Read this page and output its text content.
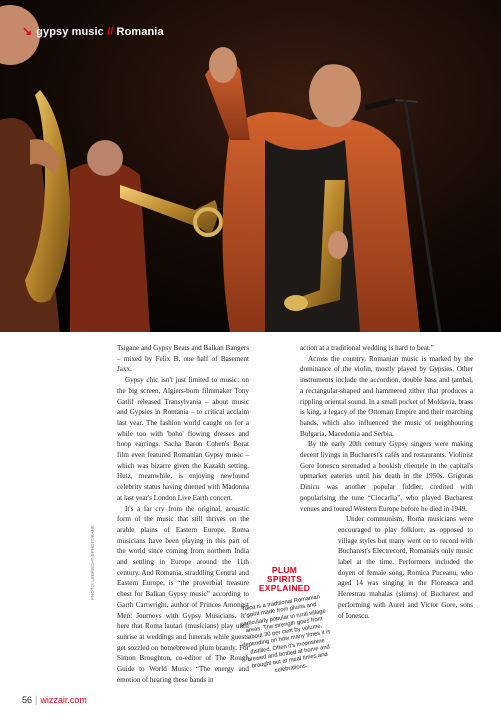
↘ gypsy music // Romania
PHOTO: LEBRECHT/EPHOTOBANK

Tsigane and Gypsy Beats and Balkan Bangers – mixed by Felix B, one half of Basement Jaxx.

Gypsy chic isn't just limited to music: on the big screen, Algiers-born filmmaker Tony Gatlif released Transylvania – about music and Gypsies in Romania – to critical acclaim last year. The fashion world caught on for a while too with 'boho' flowing dresses and hoop earrings. Sacha Baron Cohen's Borat film even featured Romanian Gypsy music – which was bizarre given the Kazakh setting. Hutz, meanwhile, is enjoying newfound celebrity status having duetted with Madonna at last year's London Live Earth concert.

It's a far cry from the original, acoustic form of the music that still thrives on the arable plains of Eastern Europe. Roma musicians have been playing in this part of the world since coming from northern India and settling in Europe around the 11th century. And Romania, straddling Central and Eastern Europe, is “the proverbial treasure chest for Balkan Gypsy music” according to Garth Cartwright, author of Princes Amongst Men: Journeys with Gypsy Musicians. It's here that Roma lautari (musicians) play until sunrise at weddings and funerals while guests get sozzled on homebrewed plum brandy. For Simon Broughton, co-editor of The Rough Guide to World Music: “The energy and emotion of hearing these bands in

action at a traditional wedding is hard to beat.”

Across the country, Romanian music is marked by the dominance of the violin, mostly played by Gypsies. Other instruments include the accordion, double bass and ţambal, a rectangular-shaped and hammered zither that produces a rippling oriental sound. In a small pocket of Moldavia, brass is king, a legacy of the Ottoman Empire and their marching bands, which also influenced the music of neighbouring Bulgaria, Macedonia and Serbia.

By the early 20th century Gypsy singers were making decent livings in Bucharest's cafés and restaurants. Violinist Gore Ionescu serenaded a bookish clientele in the capital's upmarket eateries until his death in the 1950s. Grigoras Dinicu was another popular fiddler, credited with popularising the tune “Ciocarlia”, who played Bucharest venues and toured Western Europe before he died in 1949.

Under communism, Roma musicians were encouraged to play folklore, as opposed to village styles but many went on to record with Bucharest's Electrecord, Romania's only music label at the time. Performers included the doyen of female song, Romica Puceanu, who aged 14 was singing in the Floreasca and Herestrau mahalas (slums) of Bucharest and performing with Aurel and Victor Gore, sons of Ionescu.

PLUM
SPIRITS
EXPLAINED
Tuica is a traditional Romanian spirit made from plums and particularly popular in rural village areas. The strength goes from about 30 per cent by volume, depending on how many times it is distilled. Often it's moonshine brewed and bottled at home and brought out at meal times and celebrations.
56 | wizzair.com
